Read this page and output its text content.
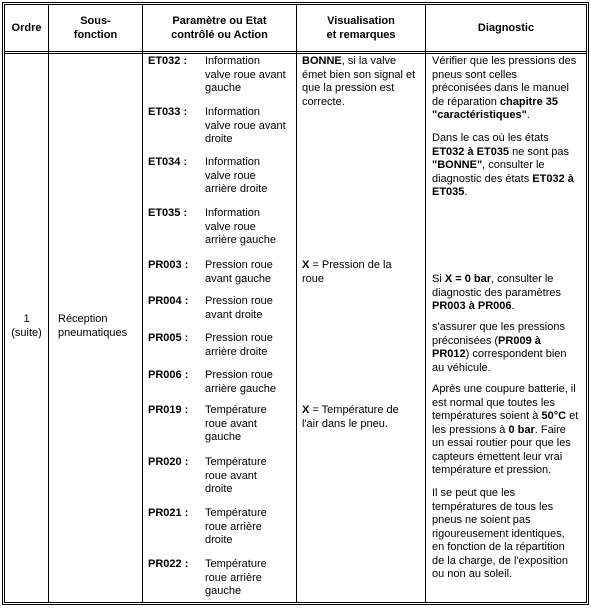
Ordre
Sous-
fonction
Paramètre ou Etat
contrôlé ou Action
Visualisation
et remarques
Diagnostic
1
(suite)
Réception
pneumatiques
ET032 : Information
valve roue avant
gauche
ET033 : Information
valve roue avant
droite
ET034 : Information
valve roue
arrière droite
ET035 : Information
valve roue
arrière gauche
PR003 : Pression roue
avant gauche
PR004 : Pression roue
avant droite
PR005 : Pression roue
arrière droite
PR006 : Pression roue
arrière gauche
PR019 : Température
roue avant
gauche
PR020 : Température
roue avant
droite
PR021 : Température
roue arrière
droite
PR022 : Température
roue arrière
gauche
BONNE, si la valve
émet bien son signal et
que la pression est
correcte.
X = Pression de la
roue
X = Température de
l'air dans le pneu.
Vérifier que les pressions des
pneus sont celles
préconisées dans le manuel
de réparation chapitre 35
"caractéristiques".
Dans le cas où les états
ET032 à ET035 ne sont pas
"BONNE", consulter le
diagnostic des états ET032 à
ET035.
Si X = 0 bar, consulter le
diagnostic des paramètres
PR003 à PR006.
s'assurer que les pressions
préconisées (PR009 à
PR012) correspondent bien
au véhicule.
Après une coupure batterie, il
est normal que toutes les
températures soient à 50°C et
les pressions à 0 bar. Faire
un essai routier pour que les
capteurs émettent leur vrai
température et pression.
Il se peut que les
températures de tous les
pneus ne soient pas
rigoureusement identiques,
en fonction de la répartition
de la charge, de l'exposition
ou non au soleil.
